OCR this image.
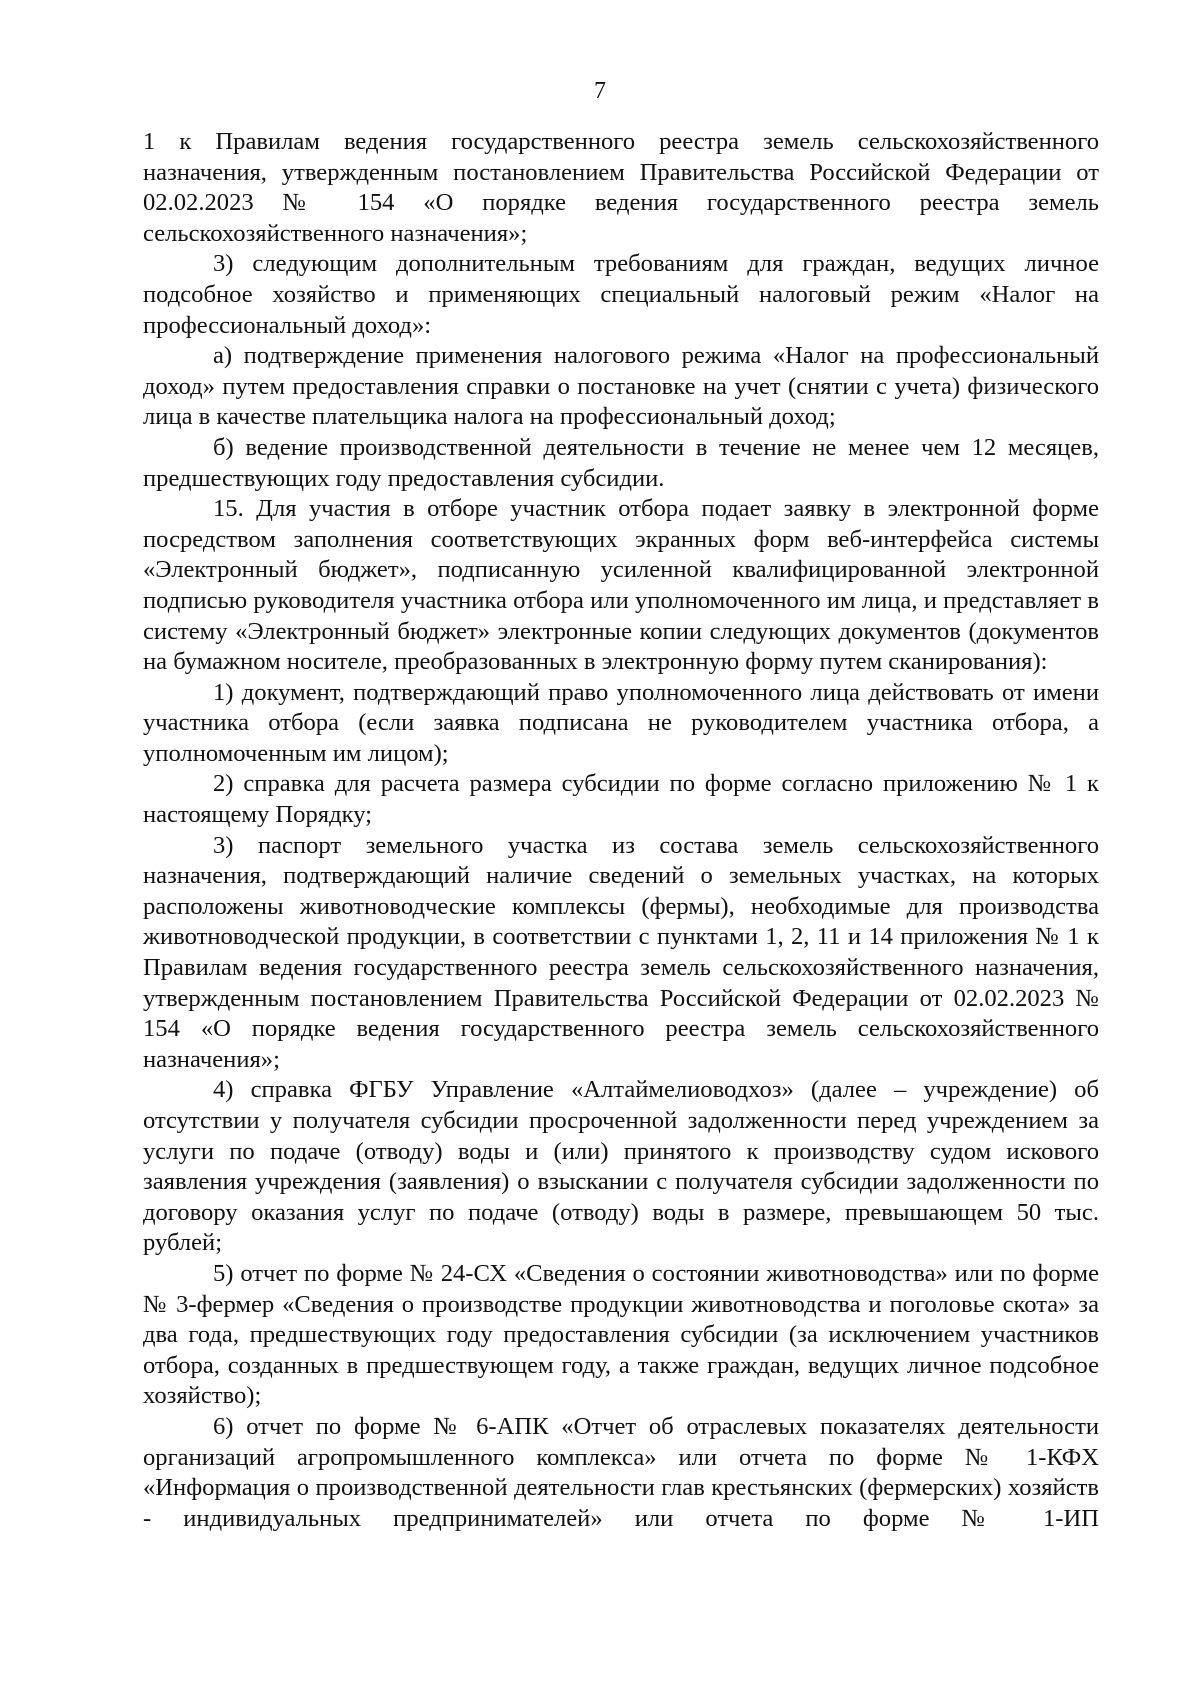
7

1 к Правилам ведения государственного реестра земель сельскохозяйственного назначения, утвержденным постановлением Правительства Российской Федерации от 02.02.2023 № 154 «О порядке ведения государственного реестра земель сельскохозяйственного назначения»;

3) следующим дополнительным требованиям для граждан, ведущих личное подсобное хозяйство и применяющих специальный налоговый режим «Налог на профессиональный доход»:

а) подтверждение применения налогового режима «Налог на профессиональный доход» путем предоставления справки о постановке на учет (снятии с учета) физического лица в качестве плательщика налога на профессиональный доход;

б) ведение производственной деятельности в течение не менее чем 12 месяцев, предшествующих году предоставления субсидии.

15. Для участия в отборе участник отбора подает заявку в электронной форме посредством заполнения соответствующих экранных форм веб-интерфейса системы «Электронный бюджет», подписанную усиленной квалифицированной электронной подписью руководителя участника отбора или уполномоченного им лица, и представляет в систему «Электронный бюджет» электронные копии следующих документов (документов на бумажном носителе, преобразованных в электронную форму путем сканирования):

1) документ, подтверждающий право уполномоченного лица действовать от имени участника отбора (если заявка подписана не руководителем участника отбора, а уполномоченным им лицом);

2) справка для расчета размера субсидии по форме согласно приложению № 1 к настоящему Порядку;

3) паспорт земельного участка из состава земель сельскохозяйственного назначения, подтверждающий наличие сведений о земельных участках, на которых расположены животноводческие комплексы (фермы), необходимые для производства животноводческой продукции, в соответствии с пунктами 1, 2, 11 и 14 приложения № 1 к Правилам ведения государственного реестра земель сельскохозяйственного назначения, утвержденным постановлением Правительства Российской Федерации от 02.02.2023 № 154 «О порядке ведения государственного реестра земель сельскохозяйственного назначения»;

4) справка ФГБУ Управление «Алтаймелиоводхоз» (далее – учреждение) об отсутствии у получателя субсидии просроченной задолженности перед учреждением за услуги по подаче (отводу) воды и (или) принятого к производству судом искового заявления учреждения (заявления) о взыскании с получателя субсидии задолженности по договору оказания услуг по подаче (отводу) воды в размере, превышающем 50 тыс. рублей;

5) отчет по форме № 24-СХ «Сведения о состоянии животноводства» или по форме № 3-фермер «Сведения о производстве продукции животноводства и поголовье скота» за два года, предшествующих году предоставления субсидии (за исключением участников отбора, созданных в предшествующем году, а также граждан, ведущих личное подсобное хозяйство);

6) отчет по форме № 6-АПК «Отчет об отраслевых показателях деятельности организаций агропромышленного комплекса» или отчета по форме № 1-КФХ «Информация о производственной деятельности глав крестьянских (фермерских) хозяйств - индивидуальных предпринимателей» или отчета по форме № 1-ИП
